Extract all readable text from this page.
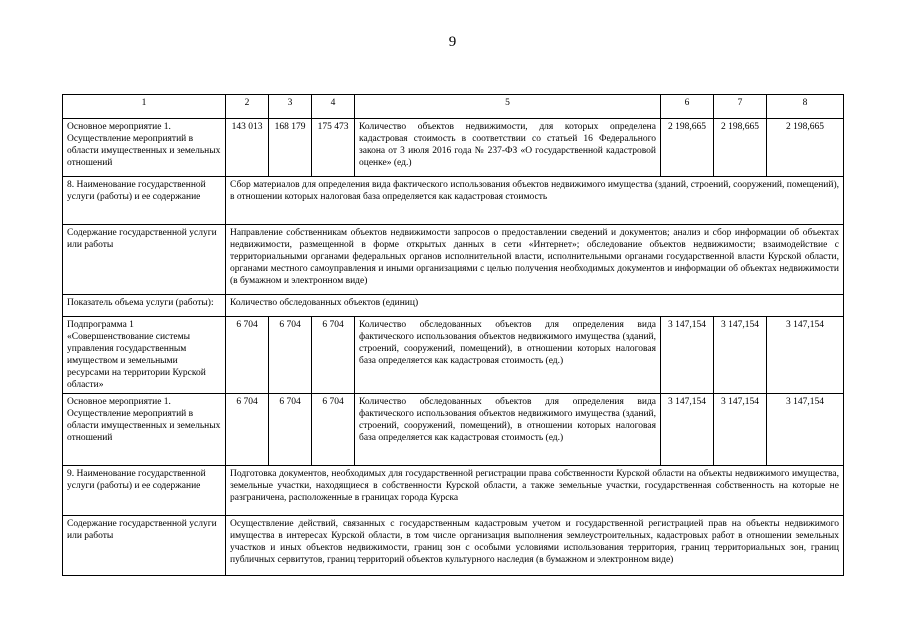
9
1	2	3	4	5	6	7	8
Основное мероприятие 1. Осуществление мероприятий в области имущественных и земельных отношений	143 013	168 179	175 473	Количество объектов недвижимости, для которых определена кадастровая стоимость в соответствии со статьей 16 Федерального закона от 3 июля 2016 года № 237-ФЗ «О государственной кадастровой оценке» (ед.)	2 198,665	2 198,665	2 198,665
8. Наименование государственной услуги (работы) и ее содержание	Сбор материалов для определения вида фактического использования объектов недвижимого имущества (зданий, строений, сооружений, помещений), в отношении которых налоговая база определяется как кадастровая стоимость						
Содержание государственной услуги или работы	Направление собственникам объектов недвижимости запросов о предоставлении сведений и документов; анализ и сбор информации об объектах недвижимости, размещенной в форме открытых данных в сети «Интернет»; обследование объектов недвижимости; взаимодействие с территориальными органами федеральных органов исполнительной власти, исполнительными органами государственной власти Курской области, органами местного самоуправления и иными организациями с целью получения необходимых документов и информации об объектах недвижимости (в бумажном и электронном виде)						
Показатель объема услуги (работы):	Количество обследованных объектов (единиц)						
Подпрограмма 1 «Совершенствование системы управления государственным имуществом и земельными ресурсами на территории Курской области»	6 704	6 704	6 704	Количество обследованных объектов для определения вида фактического использования объектов недвижимого имущества (зданий, строений, сооружений, помещений), в отношении которых налоговая база определяется как кадастровая стоимость (ед.)	3 147,154	3 147,154	3 147,154
Основное мероприятие 1. Осуществление мероприятий в области имущественных и земельных отношений	6 704	6 704	6 704	Количество обследованных объектов для определения вида фактического использования объектов недвижимого имущества (зданий, строений, сооружений, помещений), в отношении которых налоговая база определяется как кадастровая стоимость (ед.)	3 147,154	3 147,154	3 147,154
9. Наименование государственной услуги (работы) и ее содержание	Подготовка документов, необходимых для государственной регистрации права собственности Курской области на объекты недвижимого имущества, земельные участки, находящиеся в собственности Курской области, а также земельные участки, государственная собственность на которые не разграничена, расположенные в границах города Курска						
Содержание государственной услуги или работы	Осуществление действий, связанных с государственным кадастровым учетом и государственной регистрацией прав на объекты недвижимого имущества в интересах Курской области, в том числе организация выполнения землеустроительных, кадастровых работ в отношении земельных участков и иных объектов недвижимости, границ зон с особыми условиями использования территория, границ территориальных зон, границ публичных сервитутов, границ территорий объектов культурного наследия (в бумажном и электронном виде)						
